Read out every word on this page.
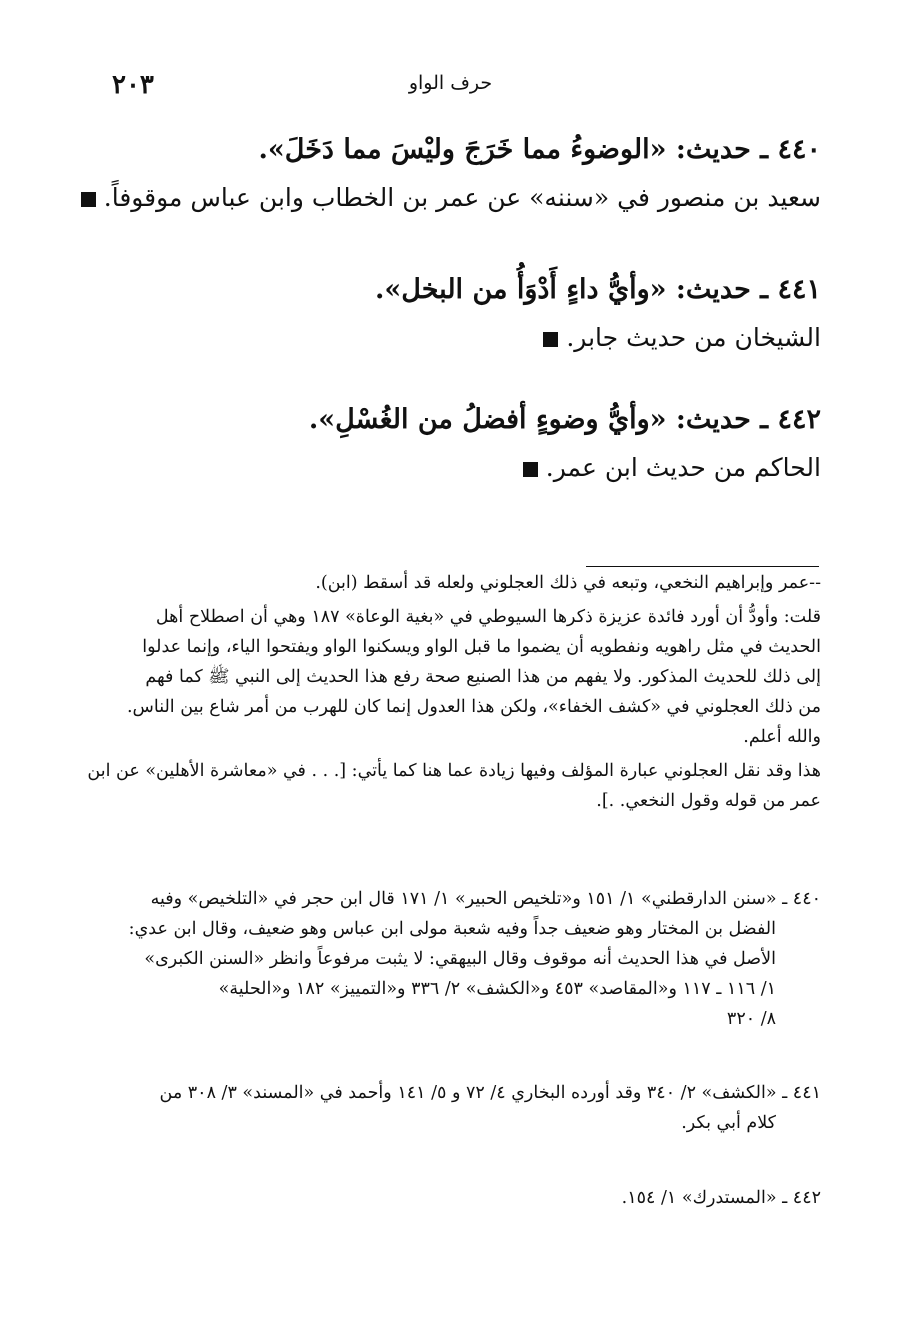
حرف الواو
٢٠٣
٤٤٠ ـ حديث: «الوضوءُ مما خَرَجَ وليْسَ مما دَخَلَ».
سعيد بن منصور في «سننه» عن عمر بن الخطاب وابن عباس موقوفاً.
٤٤١ ـ حديث: «وأيُّ داءٍ أَدْوَأُ من البخل».
الشيخان من حديث جابر.
٤٤٢ ـ حديث: «وأيُّ وضوءٍ أفضلُ من الغُسْلِ».
الحاكم من حديث ابن عمر.
--عمر وإبراهيم النخعي، وتبعه في ذلك العجلوني ولعله قد أسقط (ابن).
قلت: وأودُّ أن أورد فائدة عزيزة ذكرها السيوطي في «بغية الوعاة» ١٨٧ وهي أن اصطلاح أهل
الحديث في مثل راهويه ونفطويه أن يضموا ما قبل الواو ويسكنوا الواو ويفتحوا الياء، وإنما عدلوا
إلى ذلك للحديث المذكور. ولا يفهم من هذا الصنيع صحة رفع هذا الحديث إلى النبي ﷺ كما فهم
من ذلك العجلوني في «كشف الخفاء»، ولكن هذا العدول إنما كان للهرب من أمر شاع بين الناس.
والله أعلم.
هذا وقد نقل العجلوني عبارة المؤلف وفيها زيادة عما هنا كما يأتي: [. . . في «معاشرة الأهلين» عن ابن
عمر من قوله وقول النخعي. .].
٤٤٠ ـ «سنن الدارقطني» ١/ ١٥١ و«تلخيص الحبير» ١/ ١٧١ قال ابن حجر في «التلخيص» وفيه
الفضل بن المختار وهو ضعيف جداً وفيه شعبة مولى ابن عباس وهو ضعيف، وقال ابن عدي:
الأصل في هذا الحديث أنه موقوف وقال البيهقي: لا يثبت مرفوعاً وانظر «السنن الكبرى»
١/ ١١٦ ـ ١١٧ و«المقاصد» ٤٥٣ و«الكشف» ٢/ ٣٣٦ و«التمييز» ١٨٢ و«الحلية»
٨/ ٣٢٠
٤٤١ ـ «الكشف» ٢/ ٣٤٠ وقد أورده البخاري ٤/ ٧٢ و ٥/ ١٤١ وأحمد في «المسند» ٣/ ٣٠٨ من
كلام أبي بكر.
٤٤٢ ـ «المستدرك» ١/ ١٥٤.
